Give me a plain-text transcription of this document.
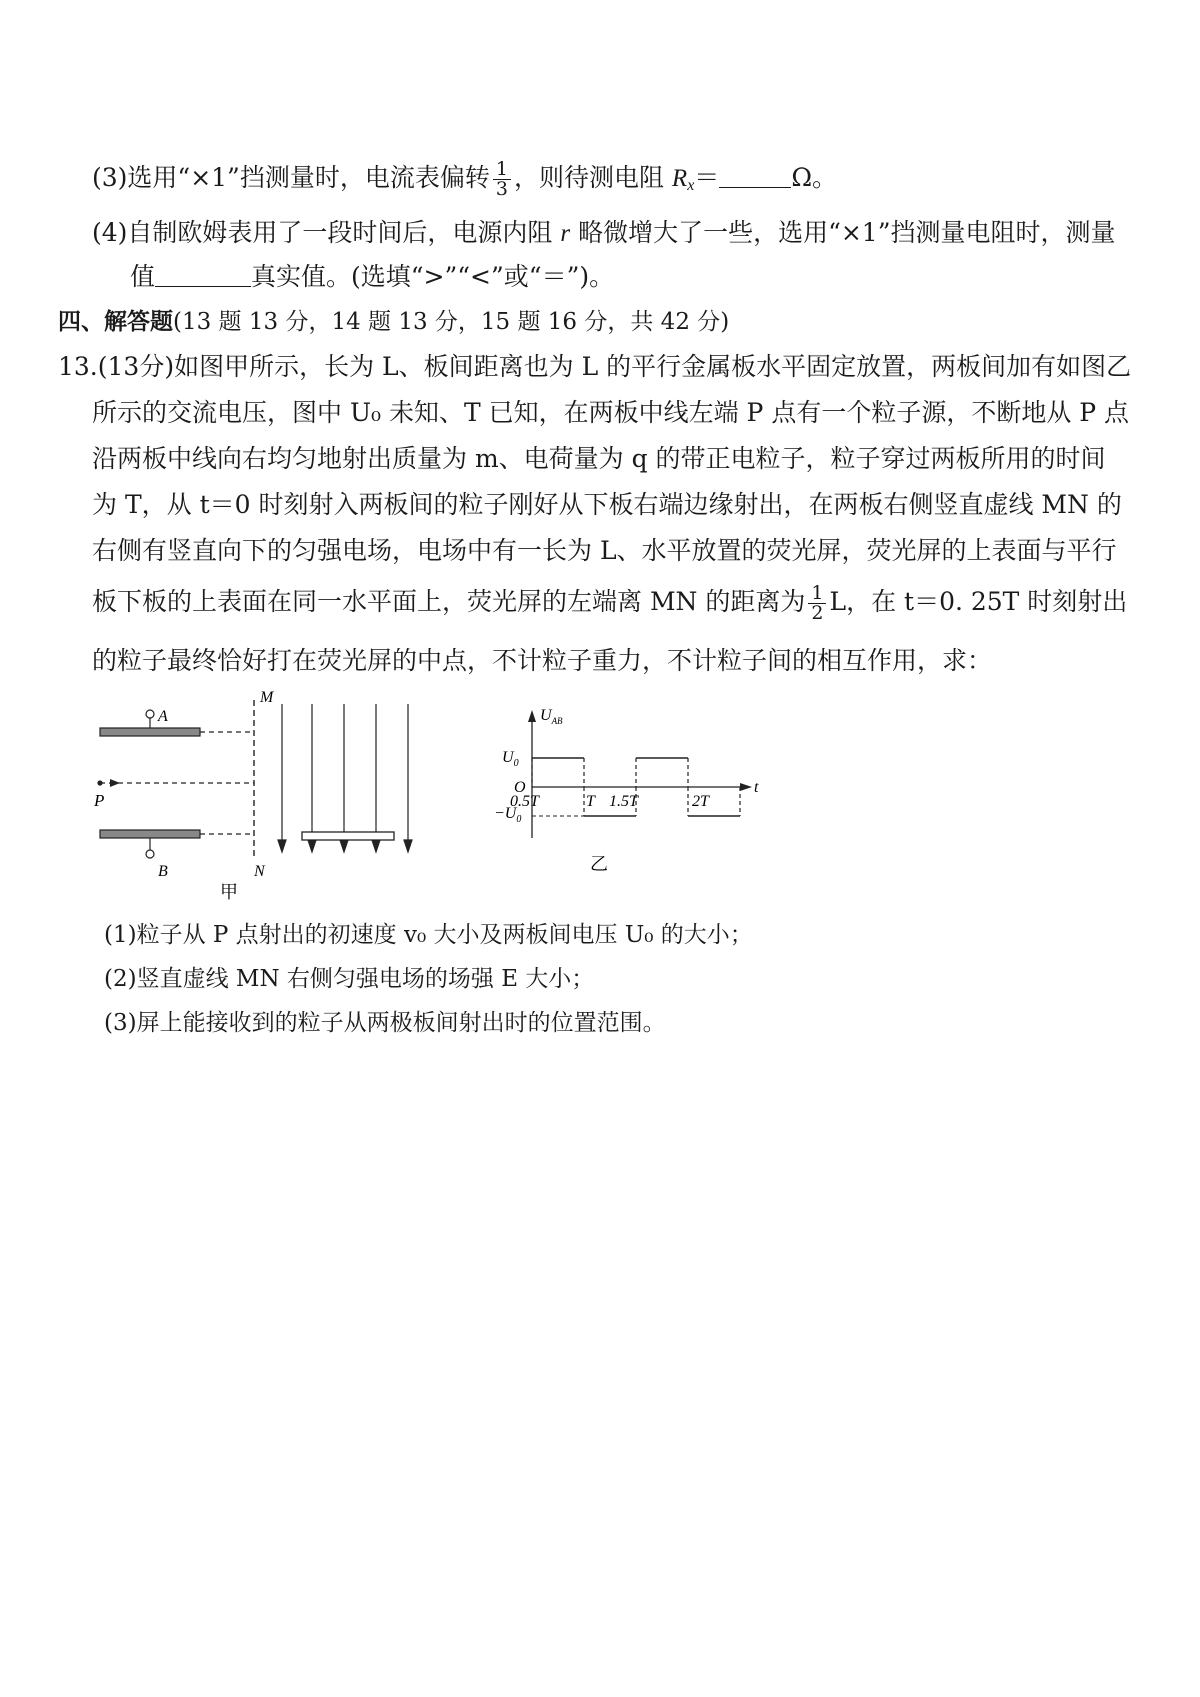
(3)选用“×1”挡测量时，电流表偏转 $\frac{1}{3}$ ，则待测电阻 $R_x=$	Ω。
(4)自制欧姆表用了一段时间后，电源内阻 r 略微增大了一些，选用“×1”挡测量电阻时，测量
值	真实值。(选填“>”“<”或“＝”)。
四、解答题(13 题 13 分，14 题 13 分，15 题 16 分，共 42 分)
13.(13分)如图甲所示，长为 L、板间距离也为 L 的平行金属板水平固定放置，两板间加有如图乙
所示的交流电压，图中 U₀ 未知、T 已知，在两板中线左端 P 点有一个粒子源，不断地从 P 点
沿两板中线向右均匀地射出质量为 m、电荷量为 q 的带正电粒子，粒子穿过两板所用的时间
为 T，从 t＝0 时刻射入两板间的粒子刚好从下板右端边缘射出，在两板右侧竖直虚线 MN 的
右侧有竖直向下的匀强电场，电场中有一长为 L、水平放置的荧光屏，荧光屏的上表面与平行
板下板的上表面在同一水平面上，荧光屏的左端离 MN 的距离为 $\frac{1}{2}$ L，在 t＝0. 25T 时刻射出
的粒子最终恰好打在荧光屏的中点，不计粒子重力，不计粒子间的相互作用，求：
A
B
P
M
N
甲
$U_{AB}$
t
O
$U_0$
$-U_0$
0.5T	T 1.5T	2T
乙
(1)粒子从 P 点射出的初速度 v₀ 大小及两板间电压 U₀ 的大小；
(2)竖直虚线 MN 右侧匀强电场的场强 E 大小；
(3)屏上能接收到的粒子从两极板间射出时的位置范围。
